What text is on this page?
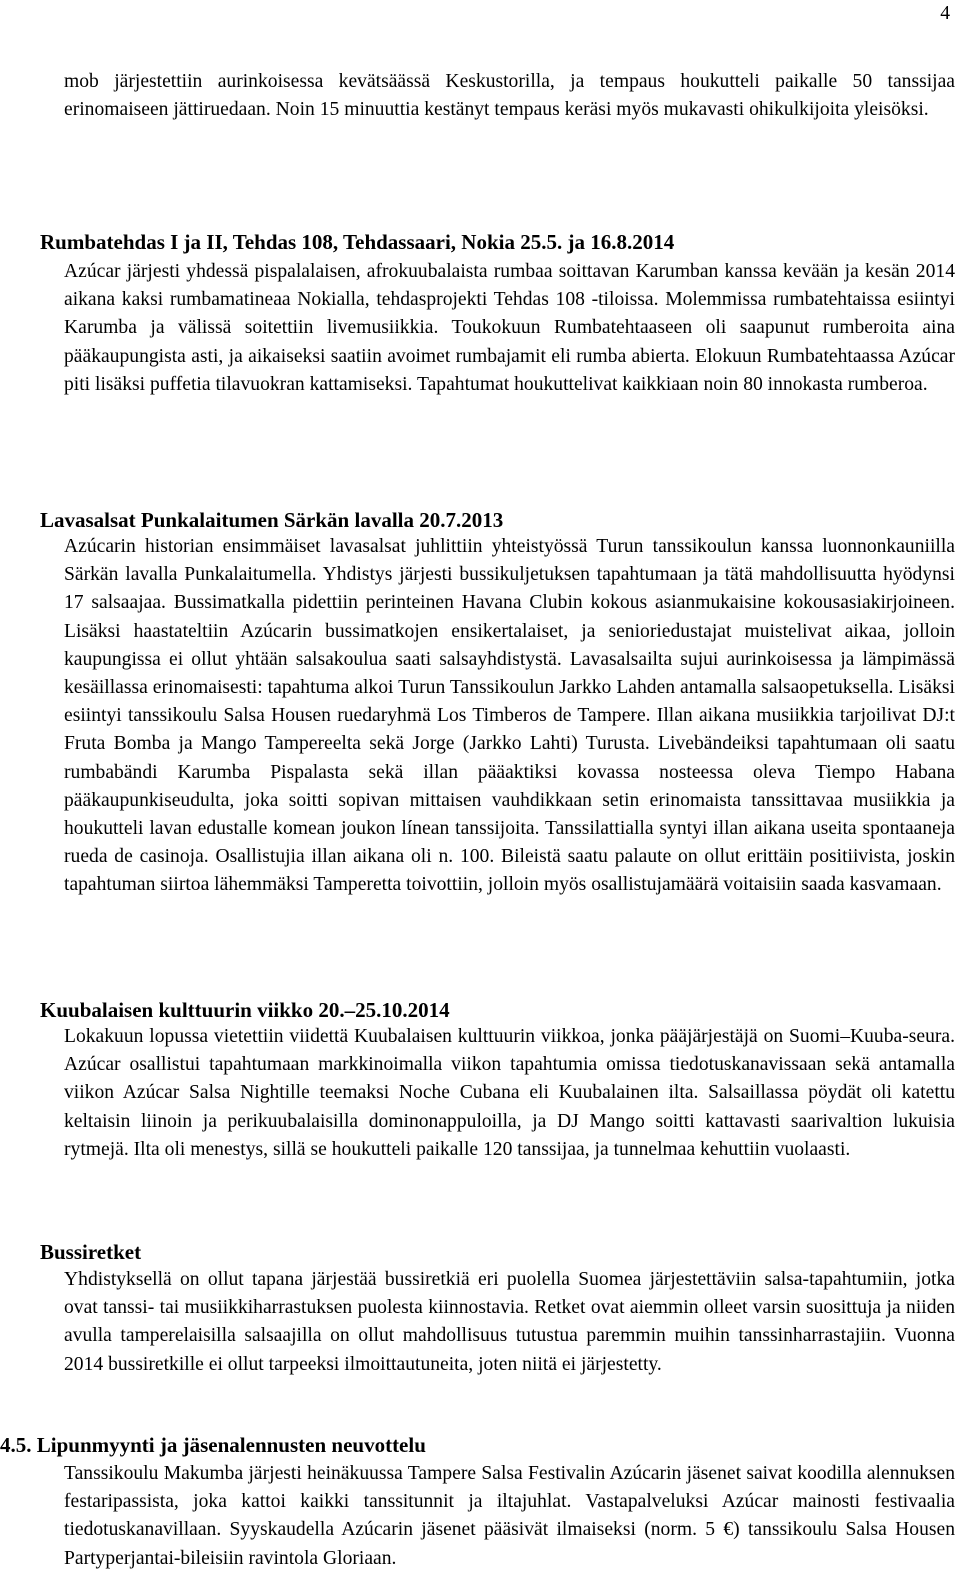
4

mob järjestettiin aurinkoisessa kevätsäässä Keskustorilla, ja tempaus houkutteli paikalle 50 tanssijaa erinomaiseen jättiruedaan. Noin 15 minuuttia kestänyt tempaus keräsi myös mukavasti ohikulkijoita yleisöksi.

Rumbatehdas I ja II, Tehdas 108, Tehdassaari, Nokia 25.5. ja 16.8.2014

Azúcar järjesti yhdessä pispalalaisen, afrokuubalaista rumbaa soittavan Karumban kanssa kevään ja kesän 2014 aikana kaksi rumbamatineaa Nokialla, tehdasprojekti Tehdas 108 -tiloissa. Molemmissa rumbatehtaissa esiintyi Karumba ja välissä soitettiin livemusiikkia. Toukokuun Rumbatehtaaseen oli saapunut rumberoita aina pääkaupungista asti, ja aikaiseksi saatiin avoimet rumbajamit eli rumba abierta. Elokuun Rumbatehtaassa Azúcar piti lisäksi puffetia tilavuokran kattamiseksi. Tapahtumat houkuttelivat kaikkiaan noin 80 innokasta rumberoa.

Lavasalsat Punkalaitumen Särkän lavalla 20.7.2013

Azúcarin historian ensimmäiset lavasalsat juhlittiin yhteistyössä Turun tanssikoulun kanssa luonnonkauniilla Särkän lavalla Punkalaitumella. Yhdistys järjesti bussikuljetuksen tapahtumaan ja tätä mahdollisuutta hyödynsi 17 salsaajaa. Bussimatkalla pidettiin perinteinen Havana Clubin kokous asianmukaisine kokousasiakirjoineen. Lisäksi haastateltiin Azúcarin bussimatkojen ensikertalaiset, ja senioriedustajat muistelivat aikaa, jolloin kaupungissa ei ollut yhtään salsakoulua saati salsayhdistystä. Lavasalsailta sujui aurinkoisessa ja lämpimässä kesäillassa erinomaisesti: tapahtuma alkoi Turun Tanssikoulun Jarkko Lahden antamalla salsaopetuksella. Lisäksi esiintyi tanssikoulu Salsa Housen ruedaryhmä Los Timberos de Tampere. Illan aikana musiikkia tarjoilivat DJ:t Fruta Bomba ja Mango Tampereelta sekä Jorge (Jarkko Lahti) Turusta. Livebändeiksi tapahtumaan oli saatu rumbabändi Karumba Pispalasta sekä illan pääaktiksi kovassa nosteessa oleva Tiempo Habana pääkaupunkiseudulta, joka soitti sopivan mittaisen vauhdikkaan setin erinomaista tanssittavaa musiikkia ja houkutteli lavan edustalle komean joukon línean tanssijoita. Tanssilattialla syntyi illan aikana useita spontaaneja rueda de casinoja. Osallistujia illan aikana oli n. 100. Bileistä saatu palaute on ollut erittäin positiivista, joskin tapahtuman siirtoa lähemmäksi Tamperetta toivottiin, jolloin myös osallistujamäärä voitaisiin saada kasvamaan.

Kuubalaisen kulttuurin viikko 20.–25.10.2014

Lokakuun lopussa vietettiin viidettä Kuubalaisen kulttuurin viikkoa, jonka pääjärjestäjä on Suomi–Kuuba-seura. Azúcar osallistui tapahtumaan markkinoimalla viikon tapahtumia omissa tiedotuskanavissaan sekä antamalla viikon Azúcar Salsa Nightille teemaksi Noche Cubana eli Kuubalainen ilta. Salsaillassa pöydät oli katettu keltaisin liinoin ja perikuubalaisilla dominonappuloilla, ja DJ Mango soitti kattavasti saarivaltion lukuisia rytmejä. Ilta oli menestys, sillä se houkutteli paikalle 120 tanssijaa, ja tunnelmaa kehuttiin vuolaasti.

Bussiretket

Yhdistyksellä on ollut tapana järjestää bussiretkiä eri puolella Suomea järjestettäviin salsa-tapahtumiin, jotka ovat tanssi- tai musiikkiharrastuksen puolesta kiinnostavia. Retket ovat aiemmin olleet varsin suosittuja ja niiden avulla tamperelaisilla salsaajilla on ollut mahdollisuus tutustua paremmin muihin tanssinharrastajiin. Vuonna 2014 bussiretkille ei ollut tarpeeksi ilmoittautuneita, joten niitä ei järjestetty.

4.5. Lipunmyynti ja jäsenalennusten neuvottelu

Tanssikoulu Makumba järjesti heinäkuussa Tampere Salsa Festivalin Azúcarin jäsenet saivat koodilla alennuksen festaripassista, joka kattoi kaikki tanssitunnit ja iltajuhlat. Vastapalveluksi Azúcar mainosti festivaalia tiedotuskanavillaan. Syyskaudella Azúcarin jäsenet pääsivät ilmaiseksi (norm. 5 €) tanssikoulu Salsa Housen Partyperjantai-bileisiin ravintola Gloriaan.
